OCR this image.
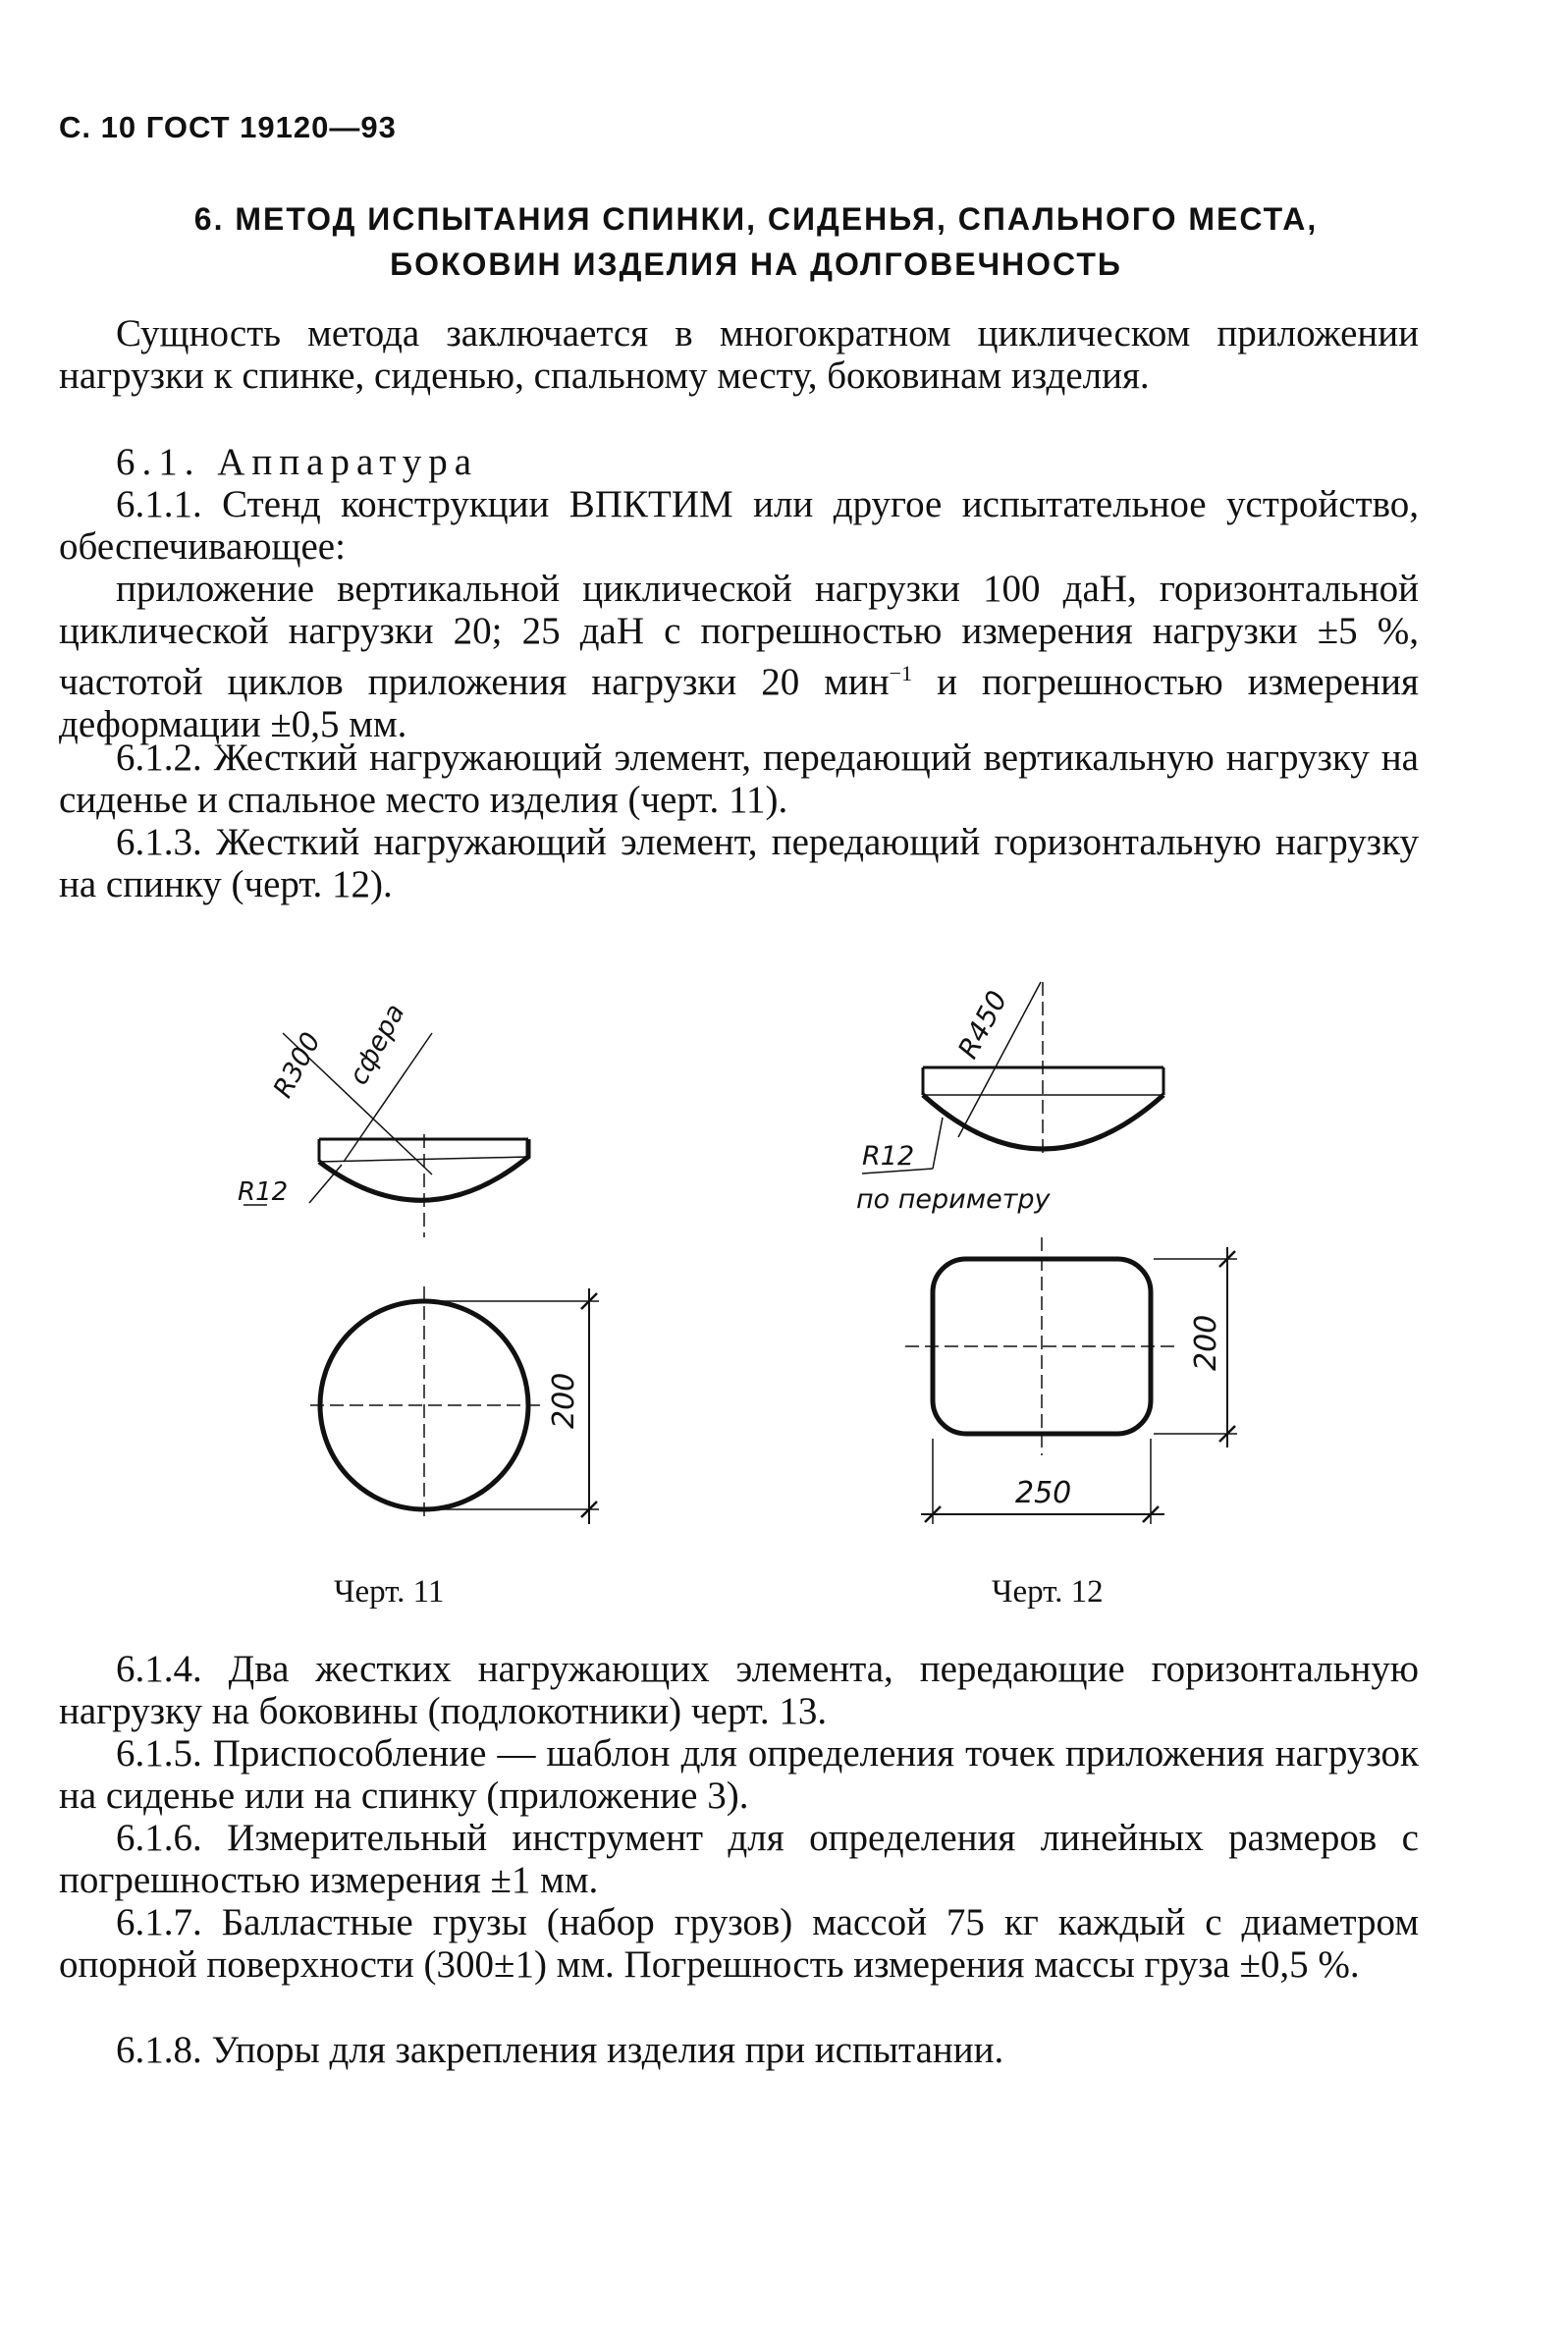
С. 10 ГОСТ 19120—93
6. МЕТОД ИСПЫТАНИЯ СПИНКИ, СИДЕНЬЯ, СПАЛЬНОГО МЕСТА,
БОКОВИН ИЗДЕЛИЯ НА ДОЛГОВЕЧНОСТЬ

Сущность метода заключается в многократном циклическом приложении нагрузки к спинке, сиденью, спальному месту, боковинам изделия.

6.1. Аппаратура

6.1.1. Стенд конструкции ВПКТИМ или другое испытательное устройство, обеспечивающее:

приложение вертикальной циклической нагрузки 100 даН, горизонтальной циклической нагрузки 20; 25 даН с погрешностью измерения нагрузки ±5 %, частотой циклов приложения нагрузки 20 мин$^{-1}$ и погрешностью измерения деформации ±0,5 мм.

6.1.2. Жесткий нагружающий элемент, передающий вертикальную нагрузку на сиденье и спальное место изделия (черт. 11).

6.1.3. Жесткий нагружающий элемент, передающий горизонтальную нагрузку на спинку (черт. 12).

R300 сфера
R12
200
Черт. 11
R450
R12
по периметру
200
250
Черт. 12

6.1.4. Два жестких нагружающих элемента, передающие горизонтальную нагрузку на боковины (подлокотники) черт. 13.

6.1.5. Приспособление — шаблон для определения точек приложения нагрузок на сиденье или на спинку (приложение 3).

6.1.6. Измерительный инструмент для определения линейных размеров с погрешностью измерения ±1 мм.

6.1.7. Балластные грузы (набор грузов) массой 75 кг каждый с диаметром опорной поверхности (300±1) мм. Погрешность измерения массы груза ±0,5 %.

6.1.8. Упоры для закрепления изделия при испытании.
